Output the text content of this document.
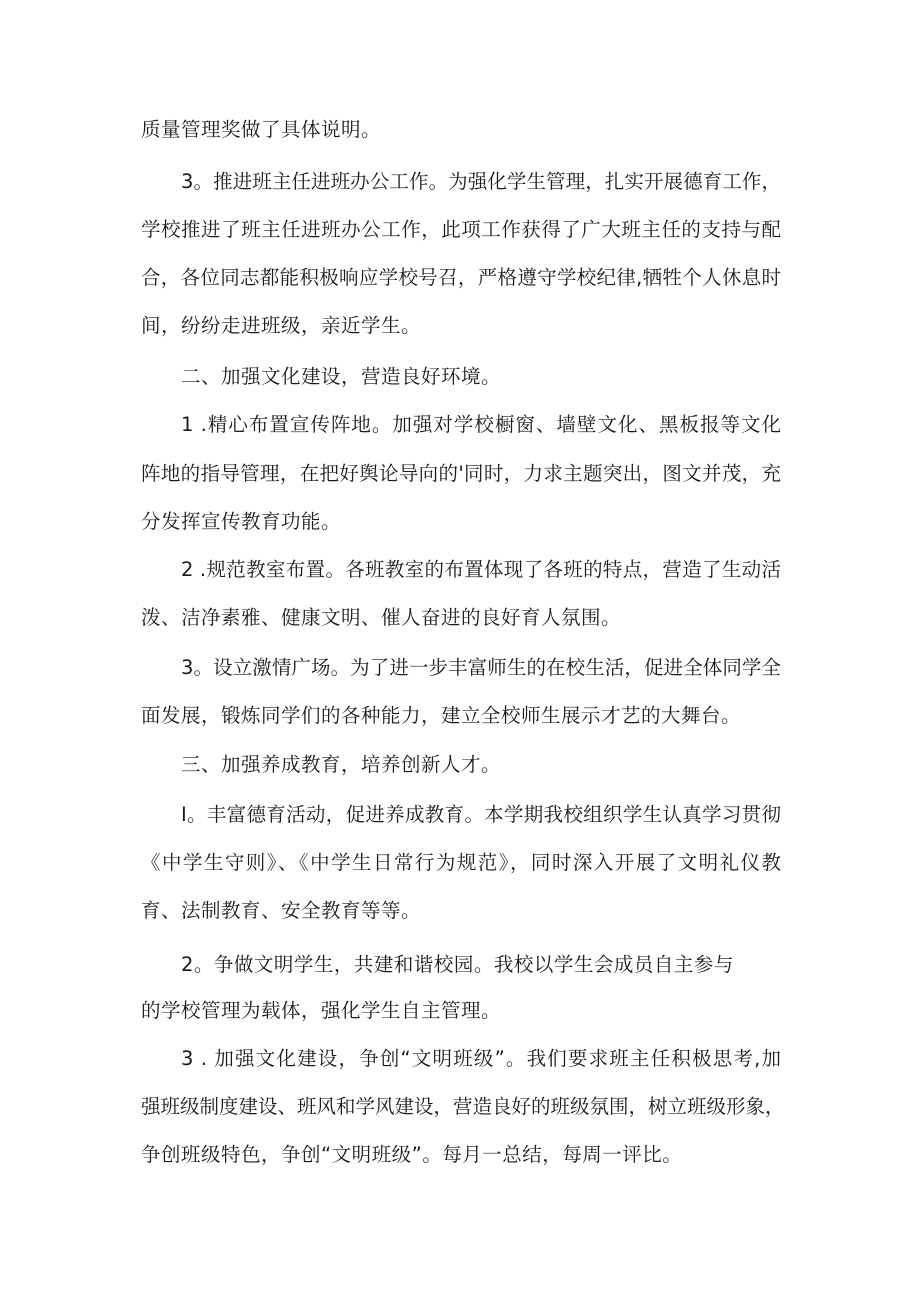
质量管理奖做了具体说明。
3。推进班主任进班办公工作。为强化学生管理，扎实开展德育工作，
学校推进了班主任进班办公工作，此项工作获得了广大班主任的支持与配
合，各位同志都能积极响应学校号召，严格遵守学校纪律,牺牲个人休息时
间，纷纷走进班级，亲近学生。
二、加强文化建设，营造良好环境。
1 .精心布置宣传阵地。加强对学校橱窗、墙壁文化、黑板报等文化
阵地的指导管理，在把好舆论导向的'同时，力求主题突出，图文并茂，充
分发挥宣传教育功能。
2 .规范教室布置。各班教室的布置体现了各班的特点，营造了生动活
泼、洁净素雅、健康文明、催人奋进的良好育人氛围。
3。设立激情广场。为了进一步丰富师生的在校生活，促进全体同学全
面发展，锻炼同学们的各种能力，建立全校师生展示才艺的大舞台。
三、加强养成教育，培养创新人才。
I。丰富德育活动，促进养成教育。本学期我校组织学生认真学习贯彻
《中学生守则》、《中学生日常行为规范》，同时深入开展了文明礼仪教
育、法制教育、安全教育等等。
2。争做文明学生，共建和谐校园。我校以学生会成员自主参与
的学校管理为载体，强化学生自主管理。
3 . 加强文化建设，争创“文明班级”。我们要求班主任积极思考,加
强班级制度建设、班风和学风建设，营造良好的班级氛围，树立班级形象，
争创班级特色，争创“文明班级”。每月一总结，每周一评比。
